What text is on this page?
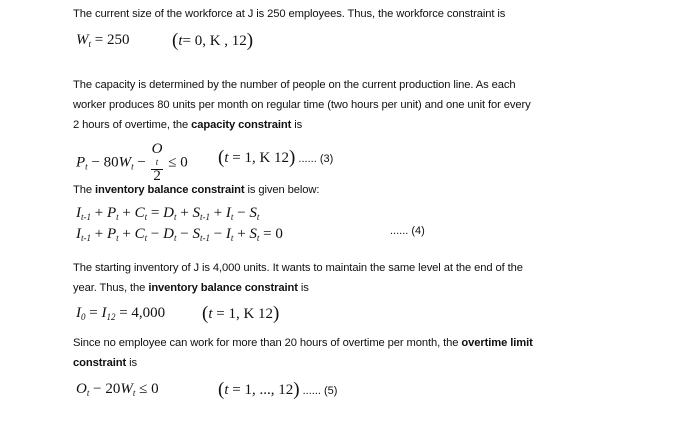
The current size of the workforce at J is 250 employees. Thus, the workforce constraint is
$W_t = 250$ (t= 0, K , 12)
The capacity is determined by the number of people on the current production line. As each
worker produces 80 units per month on regular time (two hours per unit) and one unit for every
2 hours of overtime, the capacity constraint is
$P_t - 80W_t - O$
t
2 ≤ 0 (t = 1, K 12) ...... (3)
The inventory balance constraint is given below:
$I_{t-1} + P_t + C_t = D_t + S_{t-1} + I_t - S_t$
$I_{t-1} + P_t + C_t - D_t - S_{t-1} - I_t + S_t = 0$	...... (4)
The starting inventory of J is 4,000 units. It wants to maintain the same level at the end of the
year. Thus, the inventory balance constraint is
$I_0 = I_{12} = 4,000$ (t = 1, K 12)
Since no employee can work for more than 20 hours of overtime per month, the overtime limit
constraint is
$O_t - 20W_t \le 0$	(t = 1, ..., 12) ...... (5)
